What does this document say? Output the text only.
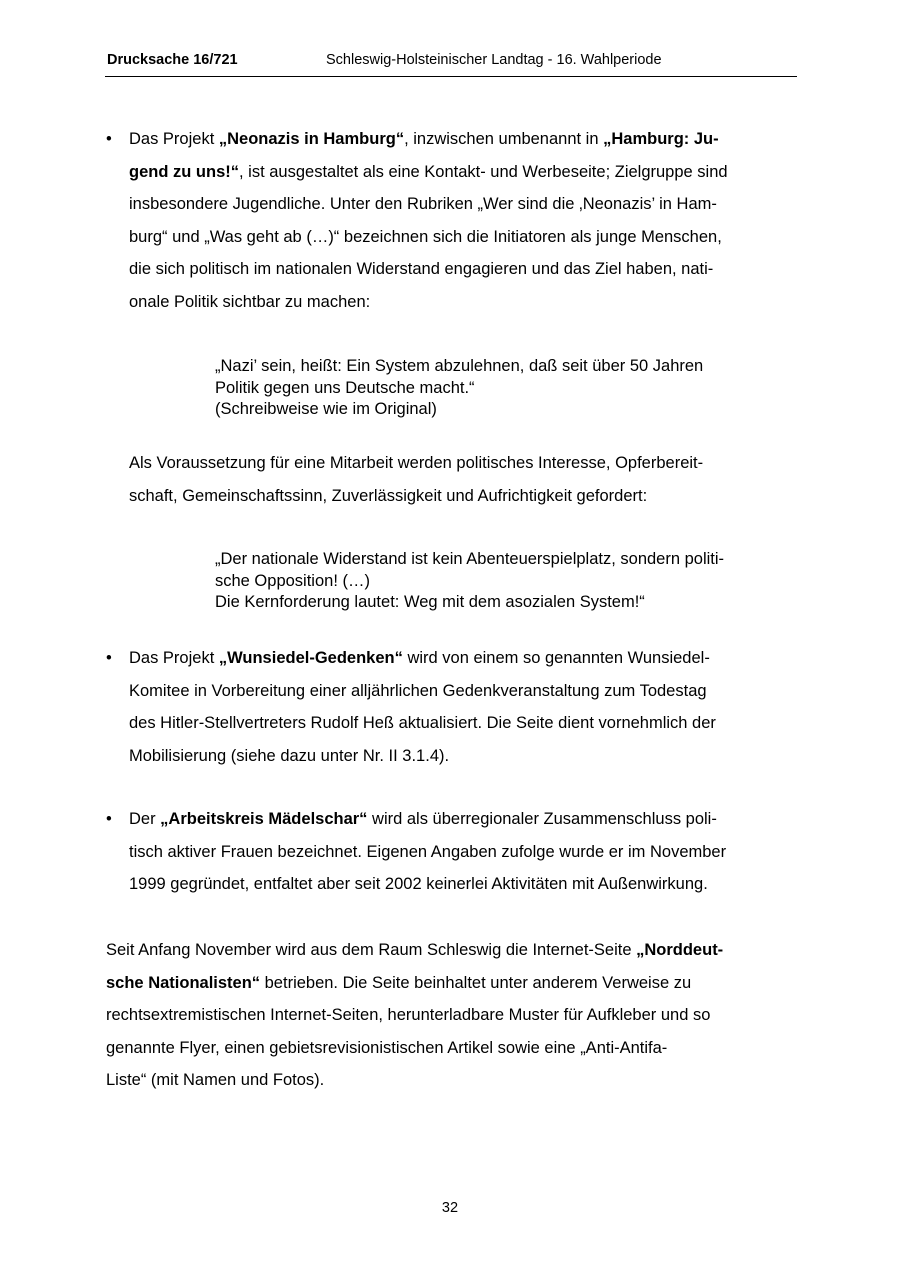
Drucksache 16/721	Schleswig-Holsteinischer Landtag - 16. Wahlperiode
• Das Projekt „Neonazis in Hamburg“, inzwischen umbenannt in „Hamburg: Ju-
gend zu uns!“, ist ausgestaltet als eine Kontakt- und Werbeseite; Zielgruppe sind
insbesondere Jugendliche. Unter den Rubriken „Wer sind die ‚Neonazis’ in Ham-
burg“ und „Was geht ab (…)“ bezeichnen sich die Initiatoren als junge Menschen,
die sich politisch im nationalen Widerstand engagieren und das Ziel haben, nati-
onale Politik sichtbar zu machen:
„Nazi’ sein, heißt: Ein System abzulehnen, daß seit über 50 Jahren
Politik gegen uns Deutsche macht.“
(Schreibweise wie im Original)
Als Voraussetzung für eine Mitarbeit werden politisches Interesse, Opferbereit-
schaft, Gemeinschaftssinn, Zuverlässigkeit und Aufrichtigkeit gefordert:
„Der nationale Widerstand ist kein Abenteuerspielplatz, sondern politi-
sche Opposition! (…)
Die Kernforderung lautet: Weg mit dem asozialen System!“
• Das Projekt „Wunsiedel-Gedenken“ wird von einem so genannten Wunsiedel-
Komitee in Vorbereitung einer alljährlichen Gedenkveranstaltung zum Todestag
des Hitler-Stellvertreters Rudolf Heß aktualisiert. Die Seite dient vornehmlich der
Mobilisierung (siehe dazu unter Nr. II 3.1.4).
• Der „Arbeitskreis Mädelschar“ wird als überregionaler Zusammenschluss poli-
tisch aktiver Frauen bezeichnet. Eigenen Angaben zufolge wurde er im November
1999 gegründet, entfaltet aber seit 2002 keinerlei Aktivitäten mit Außenwirkung.
Seit Anfang November wird aus dem Raum Schleswig die Internet-Seite „Norddeut-
sche Nationalisten“ betrieben. Die Seite beinhaltet unter anderem Verweise zu
rechtsextremistischen Internet-Seiten, herunterladbare Muster für Aufkleber und so
genannte Flyer, einen gebietsrevisionistischen Artikel sowie eine „Anti-Antifa-
Liste“ (mit Namen und Fotos).
32
